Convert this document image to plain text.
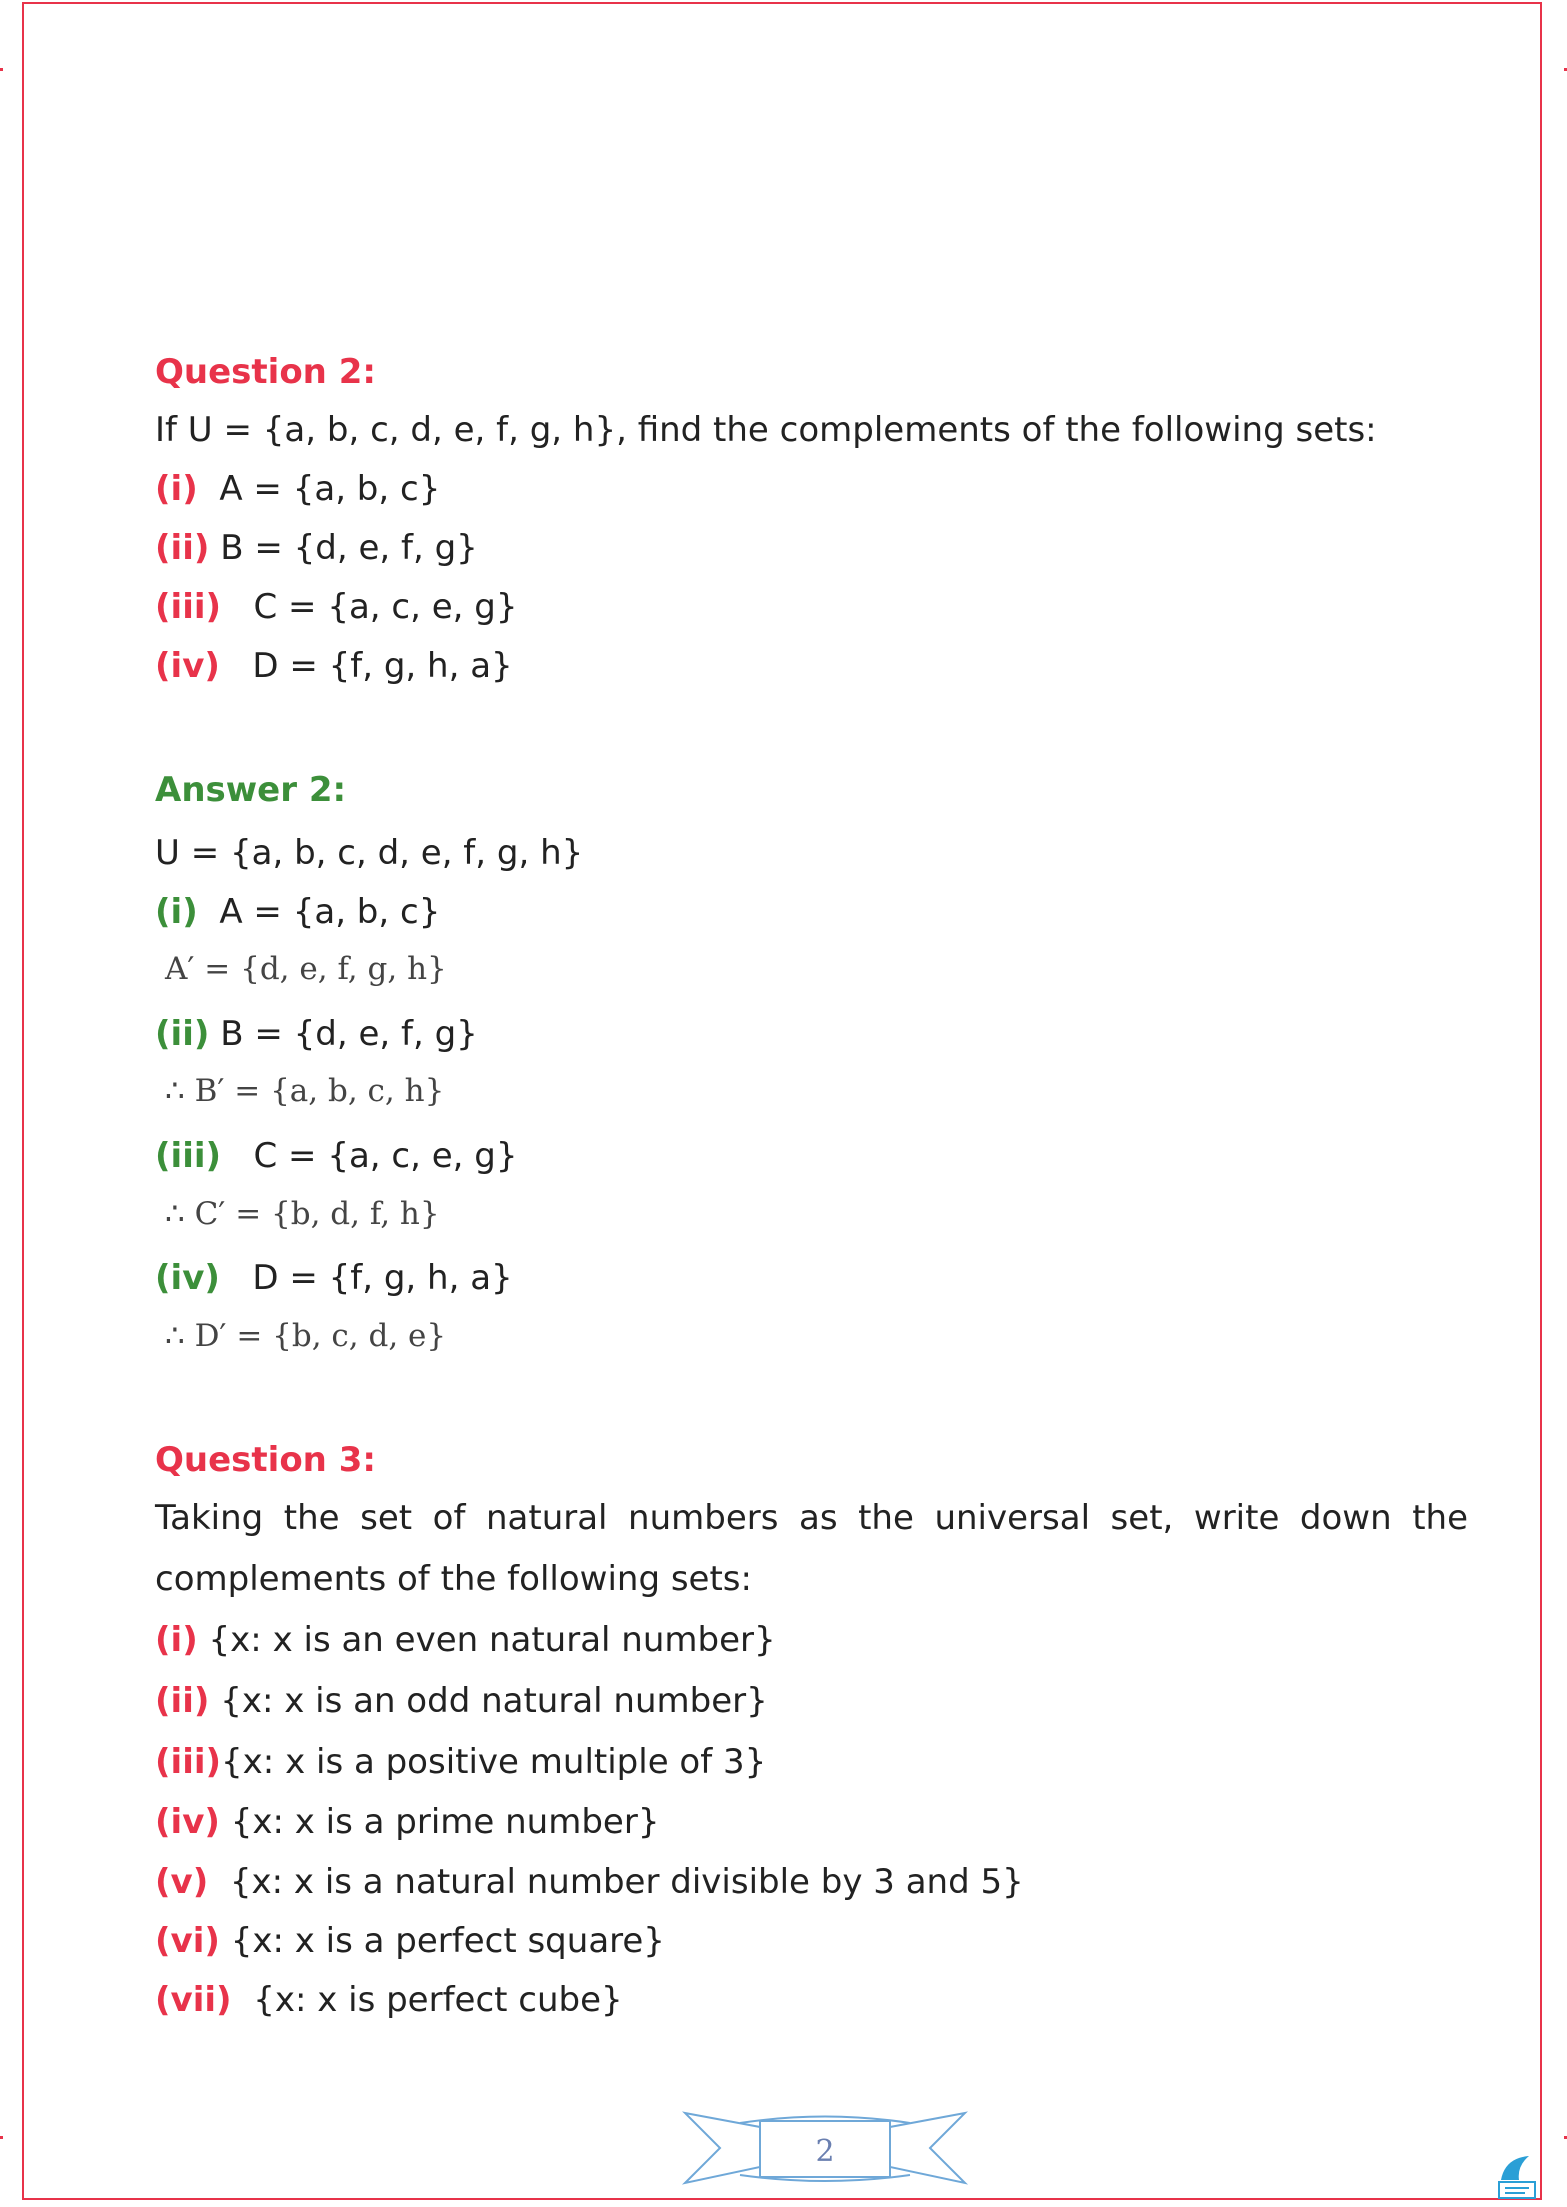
Question 2:
If U = {a, b, c, d, e, f, g, h}, find the complements of the following sets:
(i) A = {a, b, c}
(ii) B = {d, e, f, g}
(iii) C = {a, c, e, g}
(iv) D = {f, g, h, a}
Answer 2:
U = {a, b, c, d, e, f, g, h}
(i) A = {a, b, c}
A′ = {d, e, f, g, h}
(ii) B = {d, e, f, g}
∴ B′ = {a, b, c, h}
(iii) C = {a, c, e, g}
∴ C′ = {b, d, f, h}
(iv) D = {f, g, h, a}
∴ D′ = {b, c, d, e}
Question 3:
Taking the set of natural numbers as the universal set, write down the
complements of the following sets:
(i) {x: x is an even natural number}
(ii) {x: x is an odd natural number}
(iii){x: x is a positive multiple of 3}
(iv) {x: x is a prime number}
(v) {x: x is a natural number divisible by 3 and 5}
(vi) {x: x is a perfect square}
(vii) {x: x is perfect cube}
2
